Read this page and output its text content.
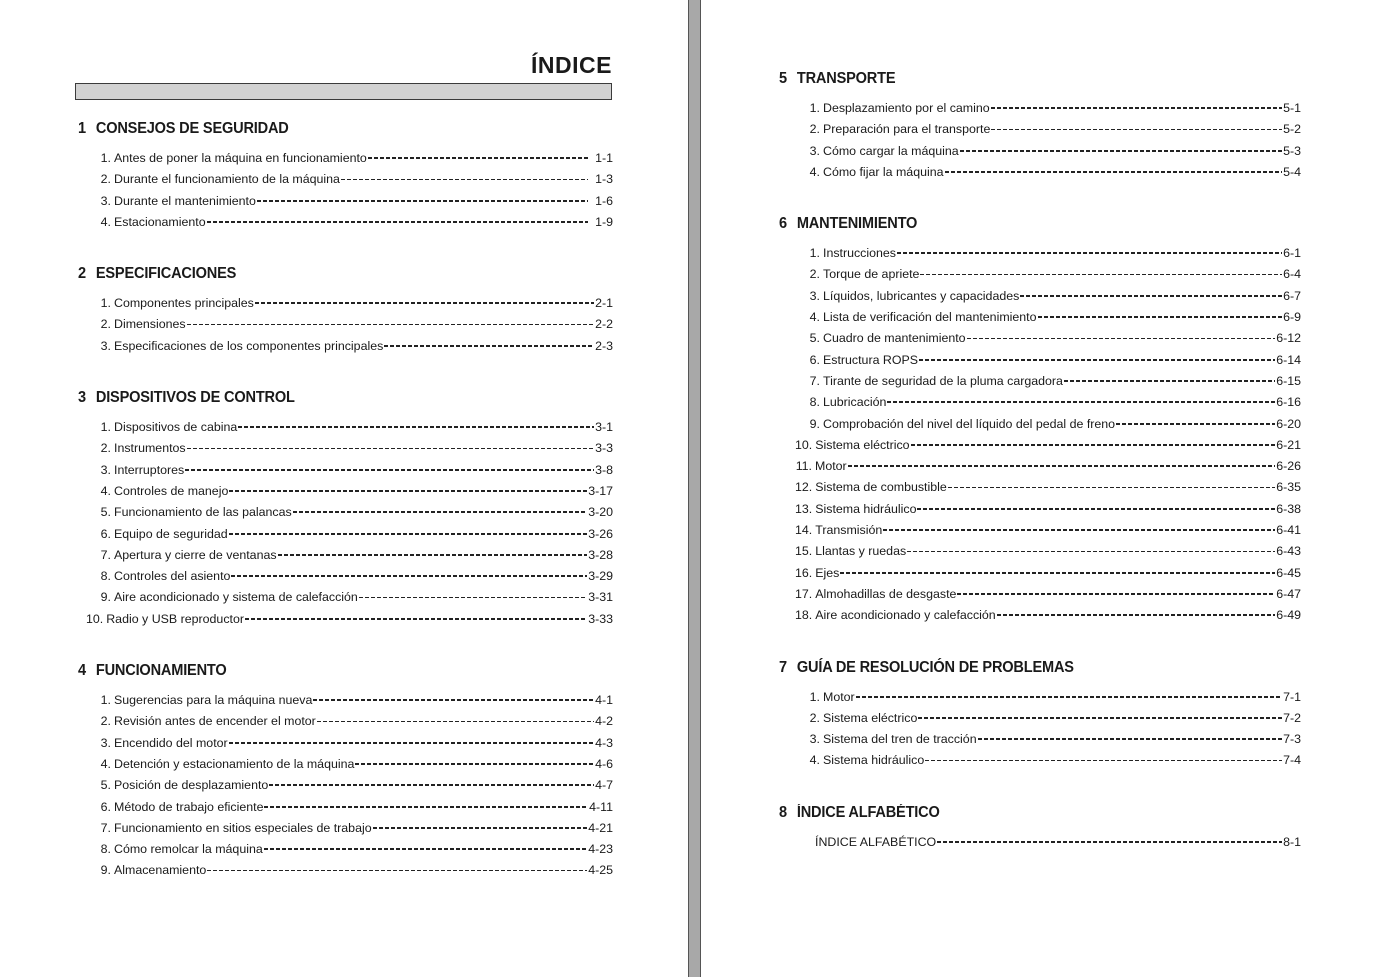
ÍNDICE
1 CONSEJOS DE SEGURIDAD
1. Antes de poner la máquina en funcionamiento	1-1
2. Durante el funcionamiento de la máquina	1-3
3. Durante el mantenimiento	1-6
4. Estacionamiento	1-9
2 ESPECIFICACIONES
1. Componentes principales	2-1
2. Dimensiones	2-2
3. Especificaciones de los componentes principales	2-3
3 DISPOSITIVOS DE CONTROL
1. Dispositivos de cabina	3-1
2. Instrumentos	3-3
3. Interruptores	3-8
4. Controles de manejo	3-17
5. Funcionamiento de las palancas	3-20
6. Equipo de seguridad	3-26
7. Apertura y cierre de ventanas	3-28
8. Controles del asiento	3-29
9. Aire acondicionado y sistema de calefacción	3-31
10. Radio y USB reproductor	3-33
4 FUNCIONAMIENTO
1. Sugerencias para la máquina nueva	4-1
2. Revisión antes de encender el motor	4-2
3. Encendido del motor	4-3
4. Detención y estacionamiento de la máquina	4-6
5. Posición de desplazamiento	4-7
6. Método de trabajo eficiente	4-11
7. Funcionamiento en sitios especiales de trabajo	4-21
8. Cómo remolcar la máquina	4-23
9. Almacenamiento	4-25
5 TRANSPORTE
1. Desplazamiento por el camino	5-1
2. Preparación para el transporte	5-2
3. Cómo cargar la máquina	5-3
4. Cómo fijar la máquina	5-4
6 MANTENIMIENTO
1. Instrucciones	6-1
2. Torque de apriete	6-4
3. Líquidos, lubricantes y capacidades	6-7
4. Lista de verificación del mantenimiento	6-9
5. Cuadro de mantenimiento	6-12
6. Estructura ROPS	6-14
7. Tirante de seguridad de la pluma cargadora	6-15
8. Lubricación	6-16
9. Comprobación del nivel del líquido del pedal de freno	6-20
10. Sistema eléctrico	6-21
11. Motor	6-26
12. Sistema de combustible	6-35
13. Sistema hidráulico	6-38
14. Transmisión	6-41
15. Llantas y ruedas	6-43
16. Ejes	6-45
17. Almohadillas de desgaste	6-47
18. Aire acondicionado y calefacción	6-49
7 GUÍA DE RESOLUCIÓN DE PROBLEMAS
1. Motor	7-1
2. Sistema eléctrico	7-2
3. Sistema del tren de tracción	7-3
4. Sistema hidráulico	7-4
8 ÍNDICE ALFABÉTICO
ÍNDICE ALFABÉTICO	8-1
